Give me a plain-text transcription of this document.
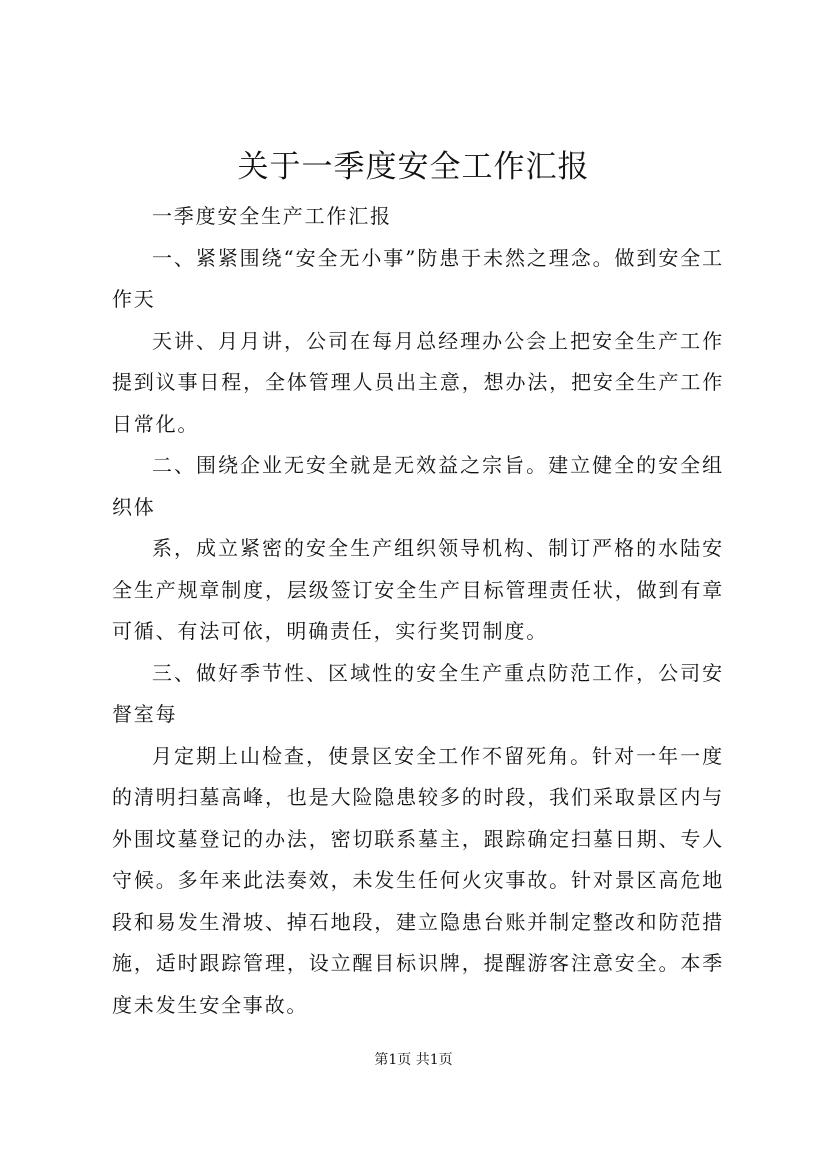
关于一季度安全工作汇报

一季度安全生产工作汇报

一、紧紧围绕“安全无小事”防患于未然之理念。做到安全工作天

天讲、月月讲，公司在每月总经理办公会上把安全生产工作提到议事日程，全体管理人员出主意，想办法，把安全生产工作日常化。

二、围绕企业无安全就是无效益之宗旨。建立健全的安全组织体

系，成立紧密的安全生产组织领导机构、制订严格的水陆安全生产规章制度，层级签订安全生产目标管理责任状，做到有章可循、有法可依，明确责任，实行奖罚制度。

三、做好季节性、区域性的安全生产重点防范工作，公司安督室每

月定期上山检查，使景区安全工作不留死角。针对一年一度的清明扫墓高峰，也是大险隐患较多的时段，我们采取景区内与外围坟墓登记的办法，密切联系墓主，跟踪确定扫墓日期、专人守候。多年来此法奏效，未发生任何火灾事故。针对景区高危地段和易发生滑坡、掉石地段，建立隐患台账并制定整改和防范措施，适时跟踪管理，设立醒目标识牌，提醒游客注意安全。本季度未发生安全事故。

第1页 共1页
